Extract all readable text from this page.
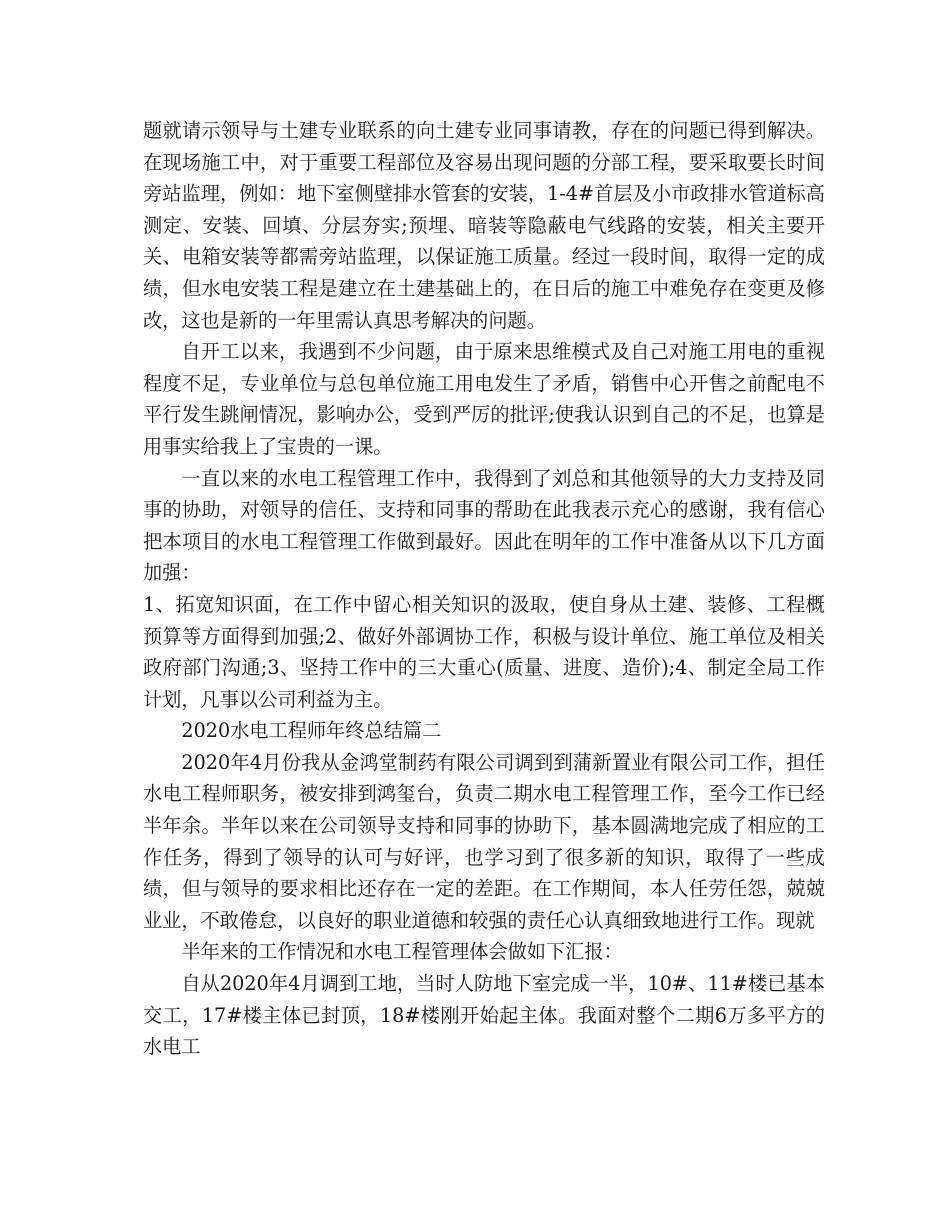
题就请示领导与土建专业联系的向土建专业同事请教，存在的问题已得到解决。在现场施工中，对于重要工程部位及容易出现问题的分部工程，要采取要长时间旁站监理，例如：地下室侧壁排水管套的安装，1-4#首层及小市政排水管道标高测定、安装、回填、分层夯实;预埋、暗装等隐蔽电气线路的安装，相关主要开关、电箱安装等都需旁站监理，以保证施工质量。经过一段时间，取得一定的成绩，但水电安装工程是建立在土建基础上的，在日后的施工中难免存在变更及修改，这也是新的一年里需认真思考解决的问题。

自开工以来，我遇到不少问题，由于原来思维模式及自己对施工用电的重视程度不足，专业单位与总包单位施工用电发生了矛盾，销售中心开售之前配电不平行发生跳闸情况，影响办公，受到严厉的批评;使我认识到自己的不足，也算是用事实给我上了宝贵的一课。

一直以来的水电工程管理工作中，我得到了刘总和其他领导的大力支持及同事的协助，对领导的信任、支持和同事的帮助在此我表示充心的感谢，我有信心把本项目的水电工程管理工作做到最好。因此在明年的工作中准备从以下几方面加强：

1、拓宽知识面，在工作中留心相关知识的汲取，使自身从土建、装修、工程概预算等方面得到加强;2、做好外部调协工作，积极与设计单位、施工单位及相关政府部门沟通;3、坚持工作中的三大重心(质量、进度、造价);4、制定全局工作计划，凡事以公司利益为主。

2020水电工程师年终总结篇二

2020年4月份我从金鸿堂制药有限公司调到到蒲新置业有限公司工作，担任水电工程师职务，被安排到鸿玺台，负责二期水电工程管理工作，至今工作已经半年余。半年以来在公司领导支持和同事的协助下，基本圆满地完成了相应的工作任务，得到了领导的认可与好评，也学习到了很多新的知识，取得了一些成绩，但与领导的要求相比还存在一定的差距。在工作期间，本人任劳任怨，兢兢业业，不敢倦怠，以良好的职业道德和较强的责任心认真细致地进行工作。现就

半年来的工作情况和水电工程管理体会做如下汇报：

自从2020年4月调到工地，当时人防地下室完成一半，10#、11#楼已基本交工，17#楼主体已封顶，18#楼刚开始起主体。我面对整个二期6万多平方的水电工
